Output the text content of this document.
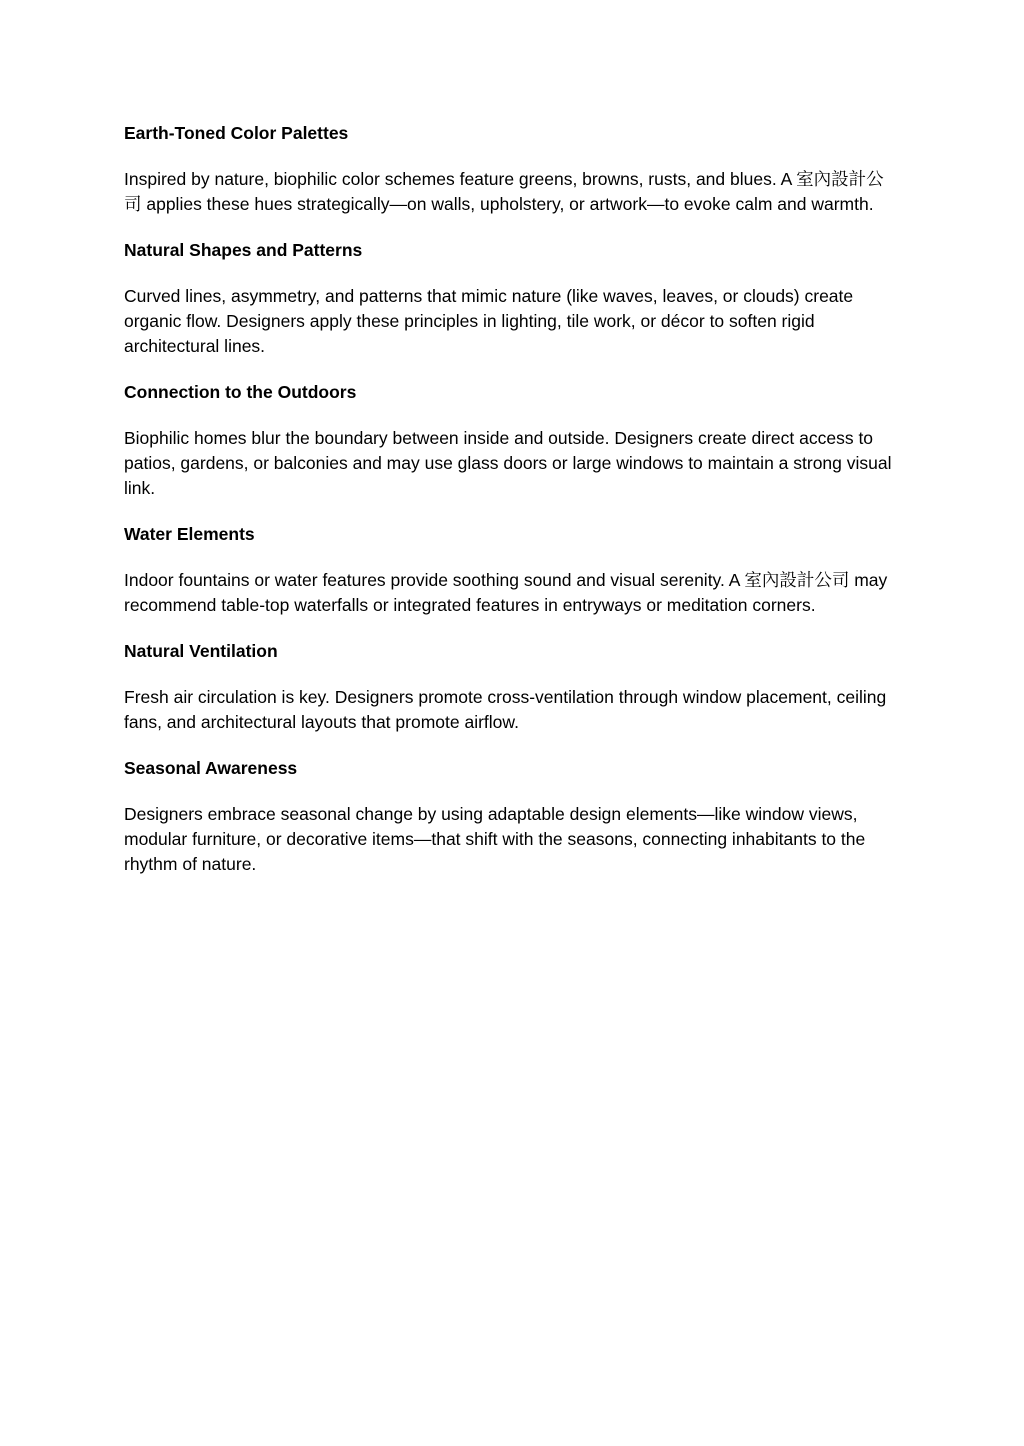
Earth-Toned Color Palettes
Inspired by nature, biophilic color schemes feature greens, browns, rusts, and blues. A 室內設計公司 applies these hues strategically—on walls, upholstery, or artwork—to evoke calm and warmth.
Natural Shapes and Patterns
Curved lines, asymmetry, and patterns that mimic nature (like waves, leaves, or clouds) create organic flow. Designers apply these principles in lighting, tile work, or décor to soften rigid architectural lines.
Connection to the Outdoors
Biophilic homes blur the boundary between inside and outside. Designers create direct access to patios, gardens, or balconies and may use glass doors or large windows to maintain a strong visual link.
Water Elements
Indoor fountains or water features provide soothing sound and visual serenity. A 室內設計公司 may recommend table-top waterfalls or integrated features in entryways or meditation corners.
Natural Ventilation
Fresh air circulation is key. Designers promote cross-ventilation through window placement, ceiling fans, and architectural layouts that promote airflow.
Seasonal Awareness
Designers embrace seasonal change by using adaptable design elements—like window views, modular furniture, or decorative items—that shift with the seasons, connecting inhabitants to the rhythm of nature.
